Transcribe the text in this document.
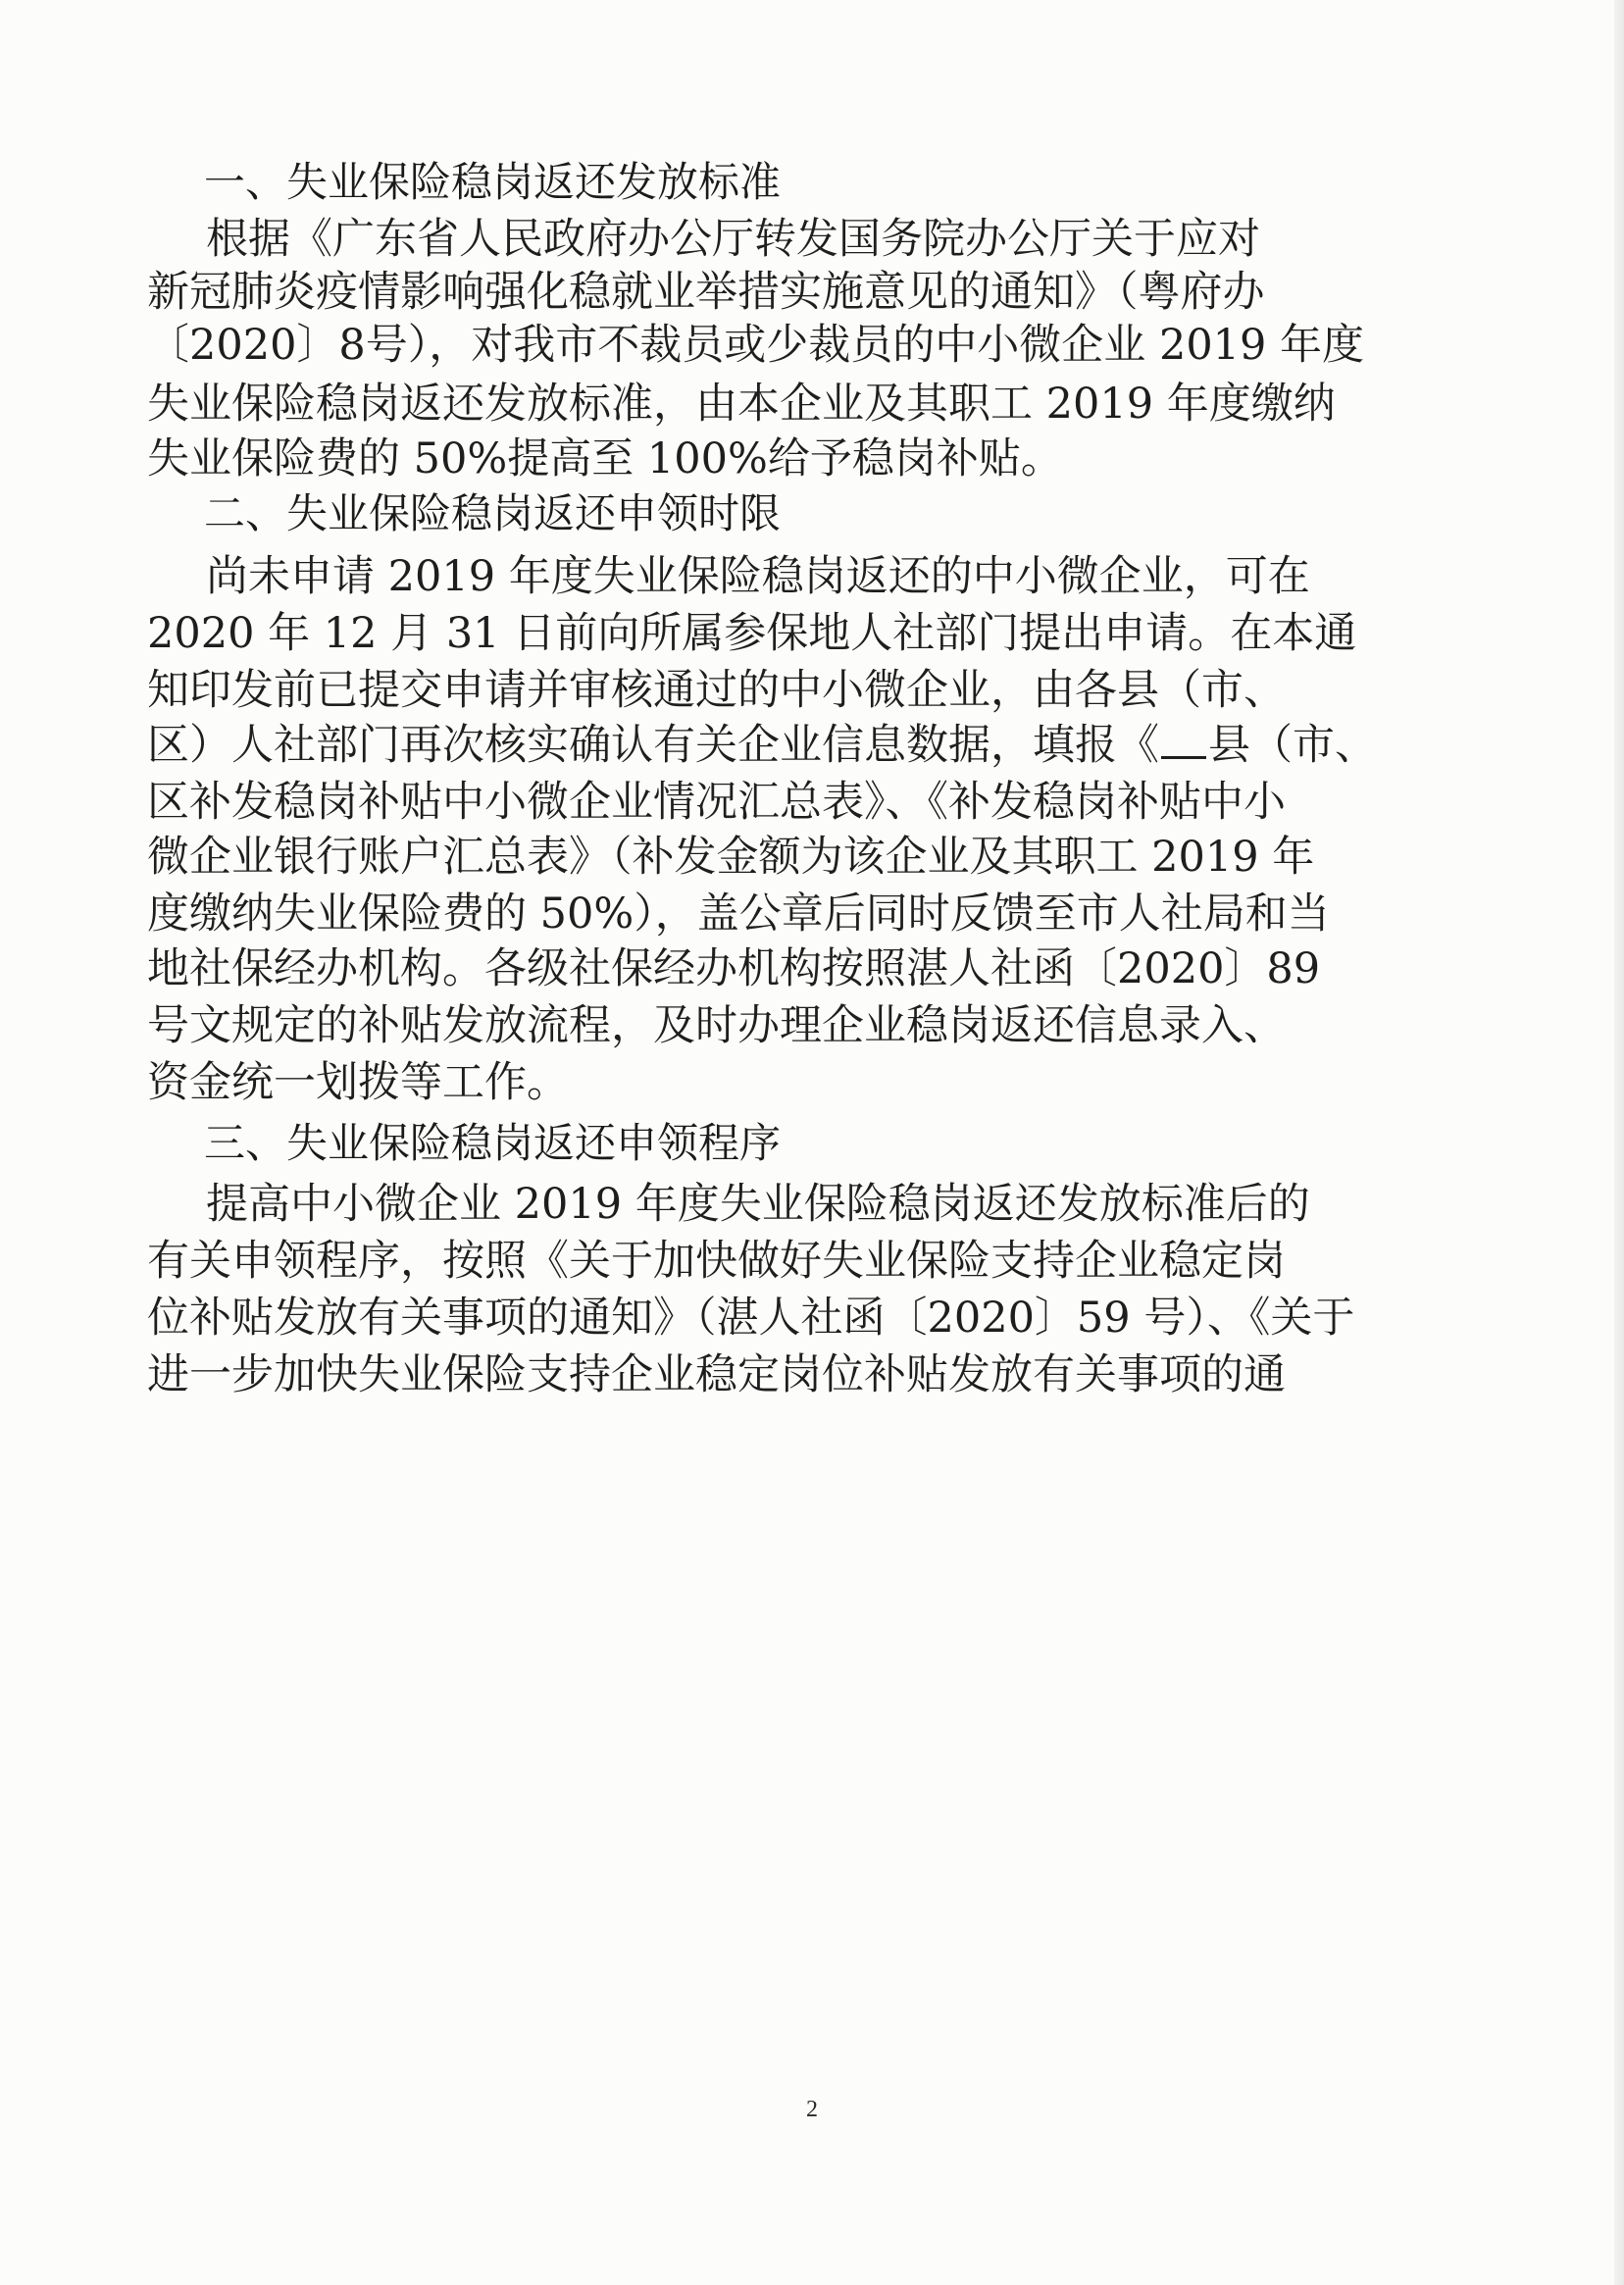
一、失业保险稳岗返还发放标准
根据《广东省人民政府办公厅转发国务院办公厅关于应对
新冠肺炎疫情影响强化稳就业举措实施意见的通知》（粤府办
〔2020〕8号），对我市不裁员或少裁员的中小微企业 2019 年度
失业保险稳岗返还发放标准，由本企业及其职工 2019 年度缴纳
失业保险费的 50%提高至 100%给予稳岗补贴。
二、失业保险稳岗返还申领时限
尚未申请 2019 年度失业保险稳岗返还的中小微企业，可在
2020 年 12 月 31 日前向所属参保地人社部门提出申请。在本通
知印发前已提交申请并审核通过的中小微企业，由各县（市、
区）人社部门再次核实确认有关企业信息数据，填报《 县（市、
区补发稳岗补贴中小微企业情况汇总表》、《补发稳岗补贴中小
微企业银行账户汇总表》（补发金额为该企业及其职工 2019 年
度缴纳失业保险费的 50%），盖公章后同时反馈至市人社局和当
地社保经办机构。各级社保经办机构按照湛人社函〔2020〕89
号文规定的补贴发放流程，及时办理企业稳岗返还信息录入、
资金统一划拨等工作。
三、失业保险稳岗返还申领程序
提高中小微企业 2019 年度失业保险稳岗返还发放标准后的
有关申领程序，按照《关于加快做好失业保险支持企业稳定岗
位补贴发放有关事项的通知》（湛人社函〔2020〕59 号）、《关于
进一步加快失业保险支持企业稳定岗位补贴发放有关事项的通
2
